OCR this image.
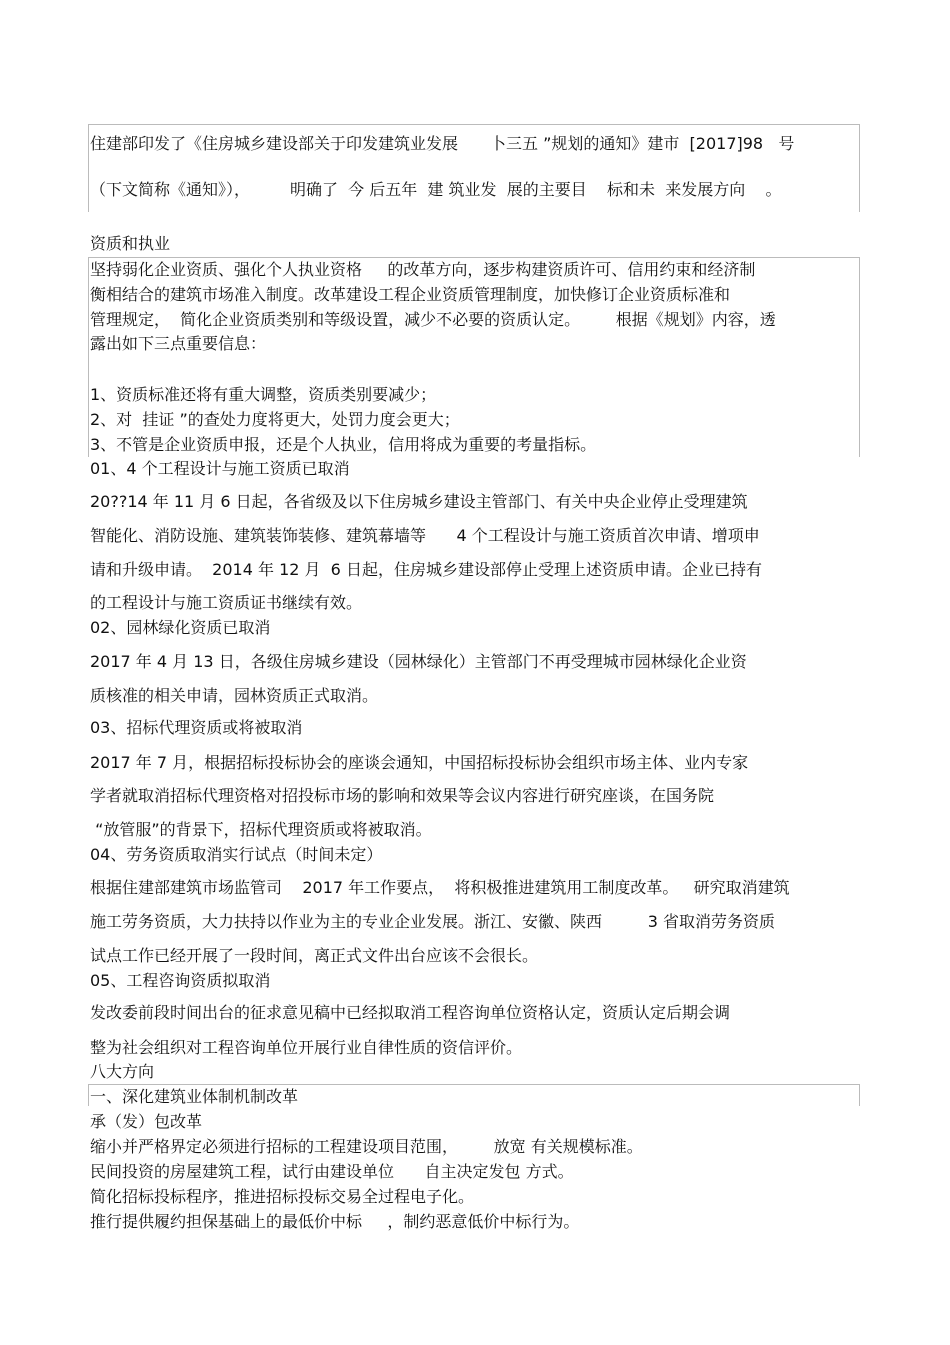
住建部印发了《住房城乡建设部关于印发建筑业发展　　卜三五 ”规划的通知》建市  [2017]98   号
（下文简称《通知》），　　　明确了  今 后五年  建 筑业发  展的主要目    标和未  来发展方向    。
资质和执业
坚持弱化企业资质、强化个人执业资格     的改革方向，逐步构建资质许可、信用约束和经济制
衡相结合的建筑市场准入制度。改革建设工程企业资质管理制度，加快修订企业资质标准和
管理规定，  简化企业资质类别和等级设置，减少不必要的资质认定。       根据《规划》内容，透
露出如下三点重要信息：
1、资质标准还将有重大调整，资质类别要减少；
2、对  挂证 ”的查处力度将更大，处罚力度会更大；
3、不管是企业资质申报，还是个人执业，信用将成为重要的考量指标。
01、4 个工程设计与施工资质已取消
20??14 年 11 月 6 日起，各省级及以下住房城乡建设主管部门、有关中央企业停止受理建筑
智能化、消防设施、建筑装饰装修、建筑幕墙等      4 个工程设计与施工资质首次申请、增项申
请和升级申请。  2014 年 12 月  6 日起，住房城乡建设部停止受理上述资质申请。企业已持有
的工程设计与施工资质证书继续有效。
02、园林绿化资质已取消
2017 年 4 月 13 日，各级住房城乡建设（园林绿化）主管部门不再受理城市园林绿化企业资
质核准的相关申请，园林资质正式取消。
03、招标代理资质或将被取消
2017 年 7 月，根据招标投标协会的座谈会通知，中国招标投标协会组织市场主体、业内专家
学者就取消招标代理资格对招投标市场的影响和效果等会议内容进行研究座谈，在国务院
“放管服”的背景下，招标代理资质或将被取消。
04、劳务资质取消实行试点（时间未定）
根据住建部建筑市场监管司    2017 年工作要点，  将积极推进建筑用工制度改革。   研究取消建筑
施工劳务资质，大力扶持以作业为主的专业企业发展。浙江、安徽、陕西         3 省取消劳务资质
试点工作已经开展了一段时间，离正式文件出台应该不会很长。
05、工程咨询资质拟取消
发改委前段时间出台的征求意见稿中已经拟取消工程咨询单位资格认定，资质认定后期会调
整为社会组织对工程咨询单位开展行业自律性质的资信评价。
八大方向
一、深化建筑业体制机制改革
承（发）包改革
缩小并严格界定必须进行招标的工程建设项目范围，       放宽 有关规模标准。
民间投资的房屋建筑工程，试行由建设单位      自主决定发包 方式。
简化招标投标程序，推进招标投标交易全过程电子化。
推行提供履约担保基础上的最低价中标     ，制约恶意低价中标行为。
